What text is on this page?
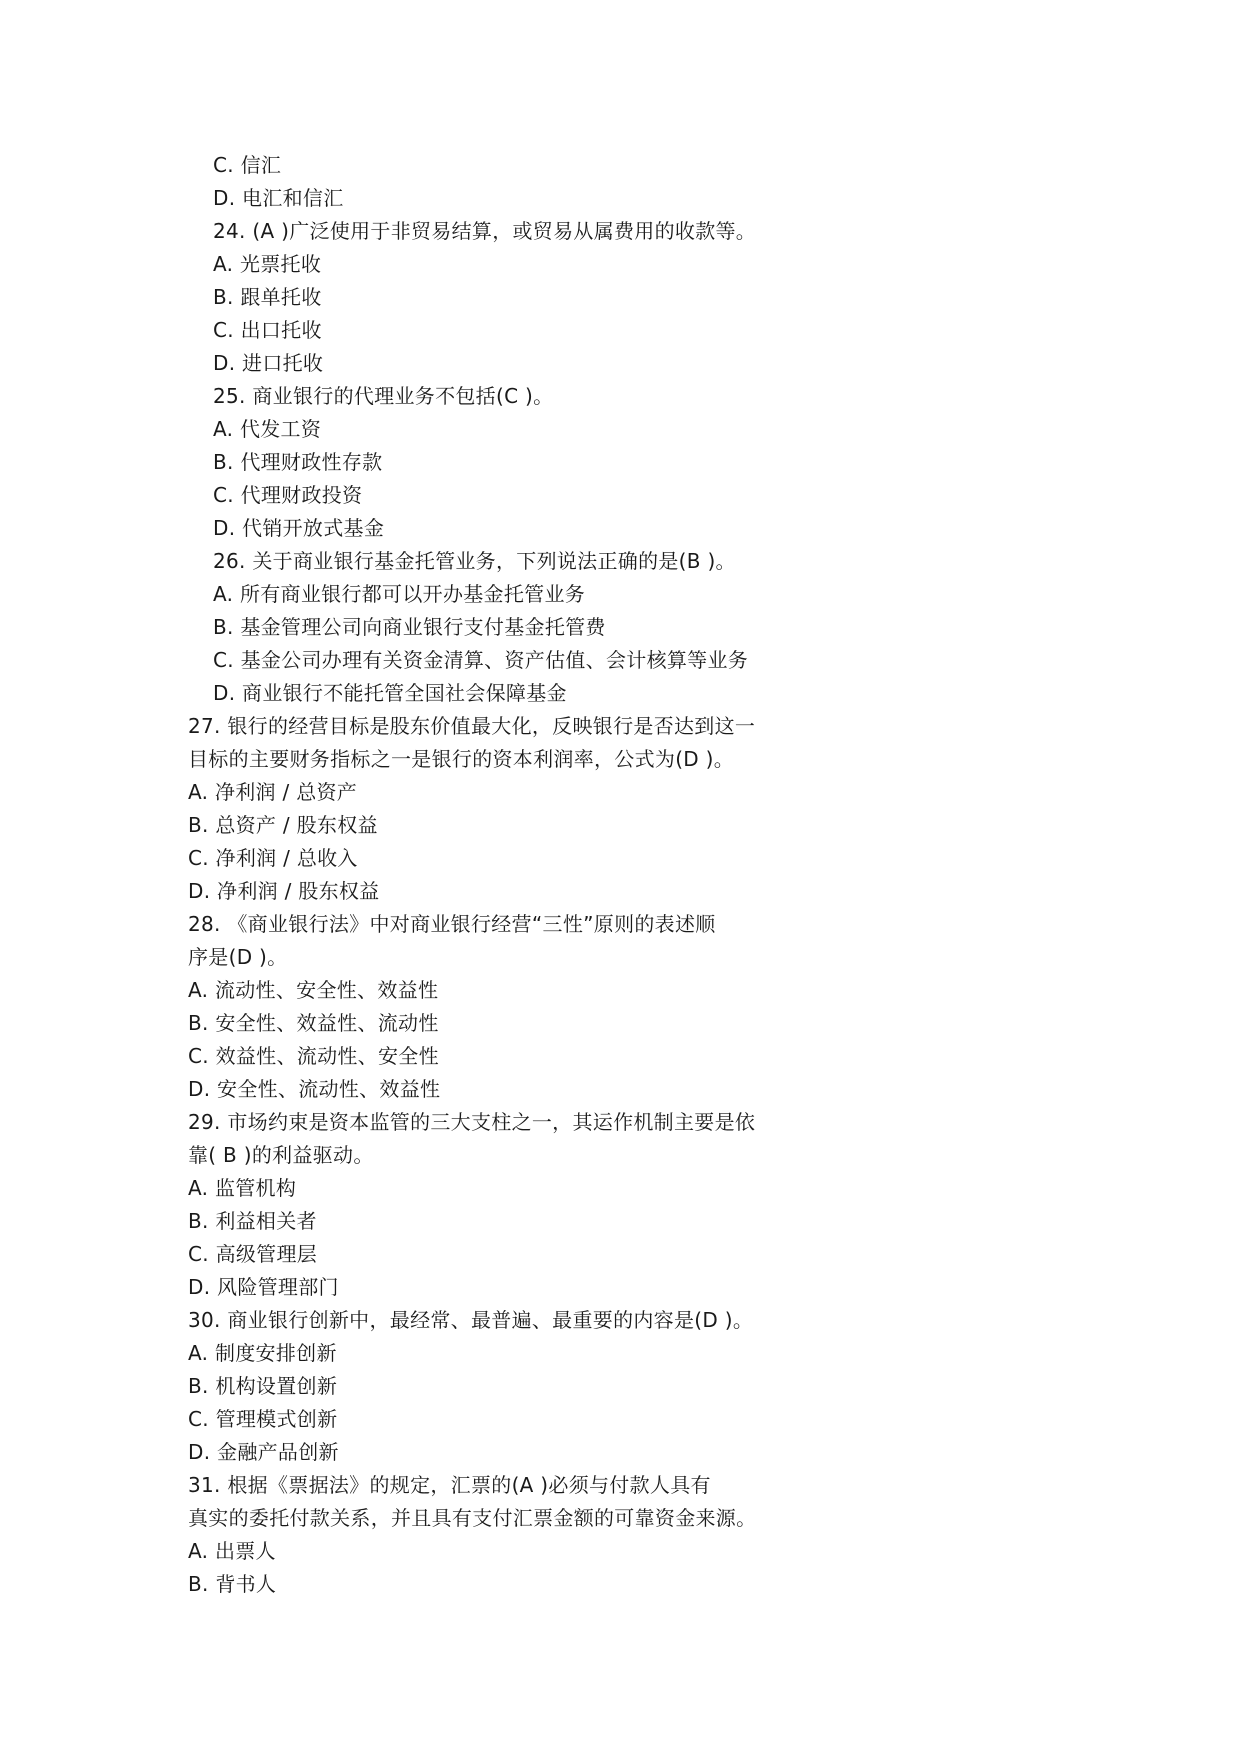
C. 信汇
D. 电汇和信汇
24. (A )广泛使用于非贸易结算，或贸易从属费用的收款等。
A. 光票托收
B. 跟单托收
C. 出口托收
D. 进口托收
25. 商业银行的代理业务不包括(C )。
A. 代发工资
B. 代理财政性存款
C. 代理财政投资
D. 代销开放式基金
26. 关于商业银行基金托管业务，下列说法正确的是(B )。
A. 所有商业银行都可以开办基金托管业务
B. 基金管理公司向商业银行支付基金托管费
C. 基金公司办理有关资金清算、资产估值、会计核算等业务
D. 商业银行不能托管全国社会保障基金
27. 银行的经营目标是股东价值最大化，反映银行是否达到这一
目标的主要财务指标之一是银行的资本利润率，公式为(D )。
A. 净利润 / 总资产
B. 总资产 / 股东权益
C. 净利润 / 总收入
D. 净利润 / 股东权益
28. 《商业银行法》中对商业银行经营“三性”原则的表述顺
序是(D )。
A. 流动性、安全性、效益性
B. 安全性、效益性、流动性
C. 效益性、流动性、安全性
D. 安全性、流动性、效益性
29. 市场约束是资本监管的三大支柱之一，其运作机制主要是依
靠( B )的利益驱动。
A. 监管机构
B. 利益相关者
C. 高级管理层
D. 风险管理部门
30. 商业银行创新中，最经常、最普遍、最重要的内容是(D )。
A. 制度安排创新
B. 机构设置创新
C. 管理模式创新
D. 金融产品创新
31. 根据《票据法》的规定，汇票的(A )必须与付款人具有
真实的委托付款关系，并且具有支付汇票金额的可靠资金来源。
A. 出票人
B. 背书人
